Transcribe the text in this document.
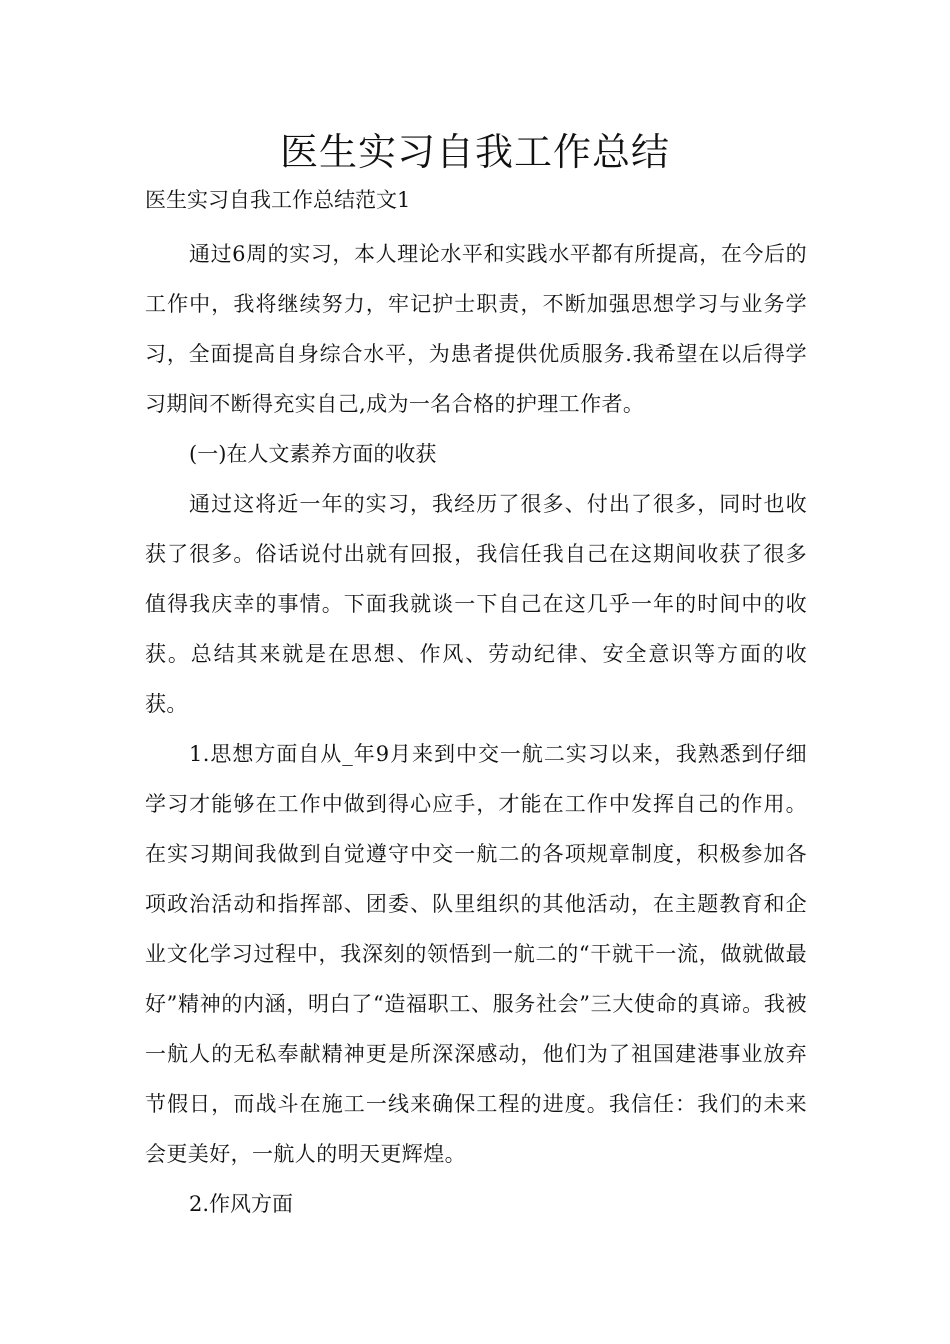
医生实习自我工作总结

医生实习自我工作总结范文1

通过6周的实习，本人理论水平和实践水平都有所提高，在今后的工作中，我将继续努力，牢记护士职责，不断加强思想学习与业务学习，全面提高自身综合水平，为患者提供优质服务.我希望在以后得学习期间不断得充实自己,成为一名合格的护理工作者。

(一)在人文素养方面的收获

通过这将近一年的实习，我经历了很多、付出了很多，同时也收获了很多。俗话说付出就有回报，我信任我自己在这期间收获了很多值得我庆幸的事情。下面我就谈一下自己在这几乎一年的时间中的收获。总结其来就是在思想、作风、劳动纪律、安全意识等方面的收获。

1.思想方面自从_年9月来到中交一航二实习以来，我熟悉到仔细学习才能够在工作中做到得心应手，才能在工作中发挥自己的作用。在实习期间我做到自觉遵守中交一航二的各项规章制度，积极参加各项政治活动和指挥部、团委、队里组织的其他活动，在主题教育和企业文化学习过程中，我深刻的领悟到一航二的“干就干一流，做就做最好”精神的内涵，明白了“造福职工、服务社会”三大使命的真谛。我被一航人的无私奉献精神更是所深深感动，他们为了祖国建港事业放弃节假日，而战斗在施工一线来确保工程的进度。我信任：我们的未来会更美好，一航人的明天更辉煌。

2.作风方面
